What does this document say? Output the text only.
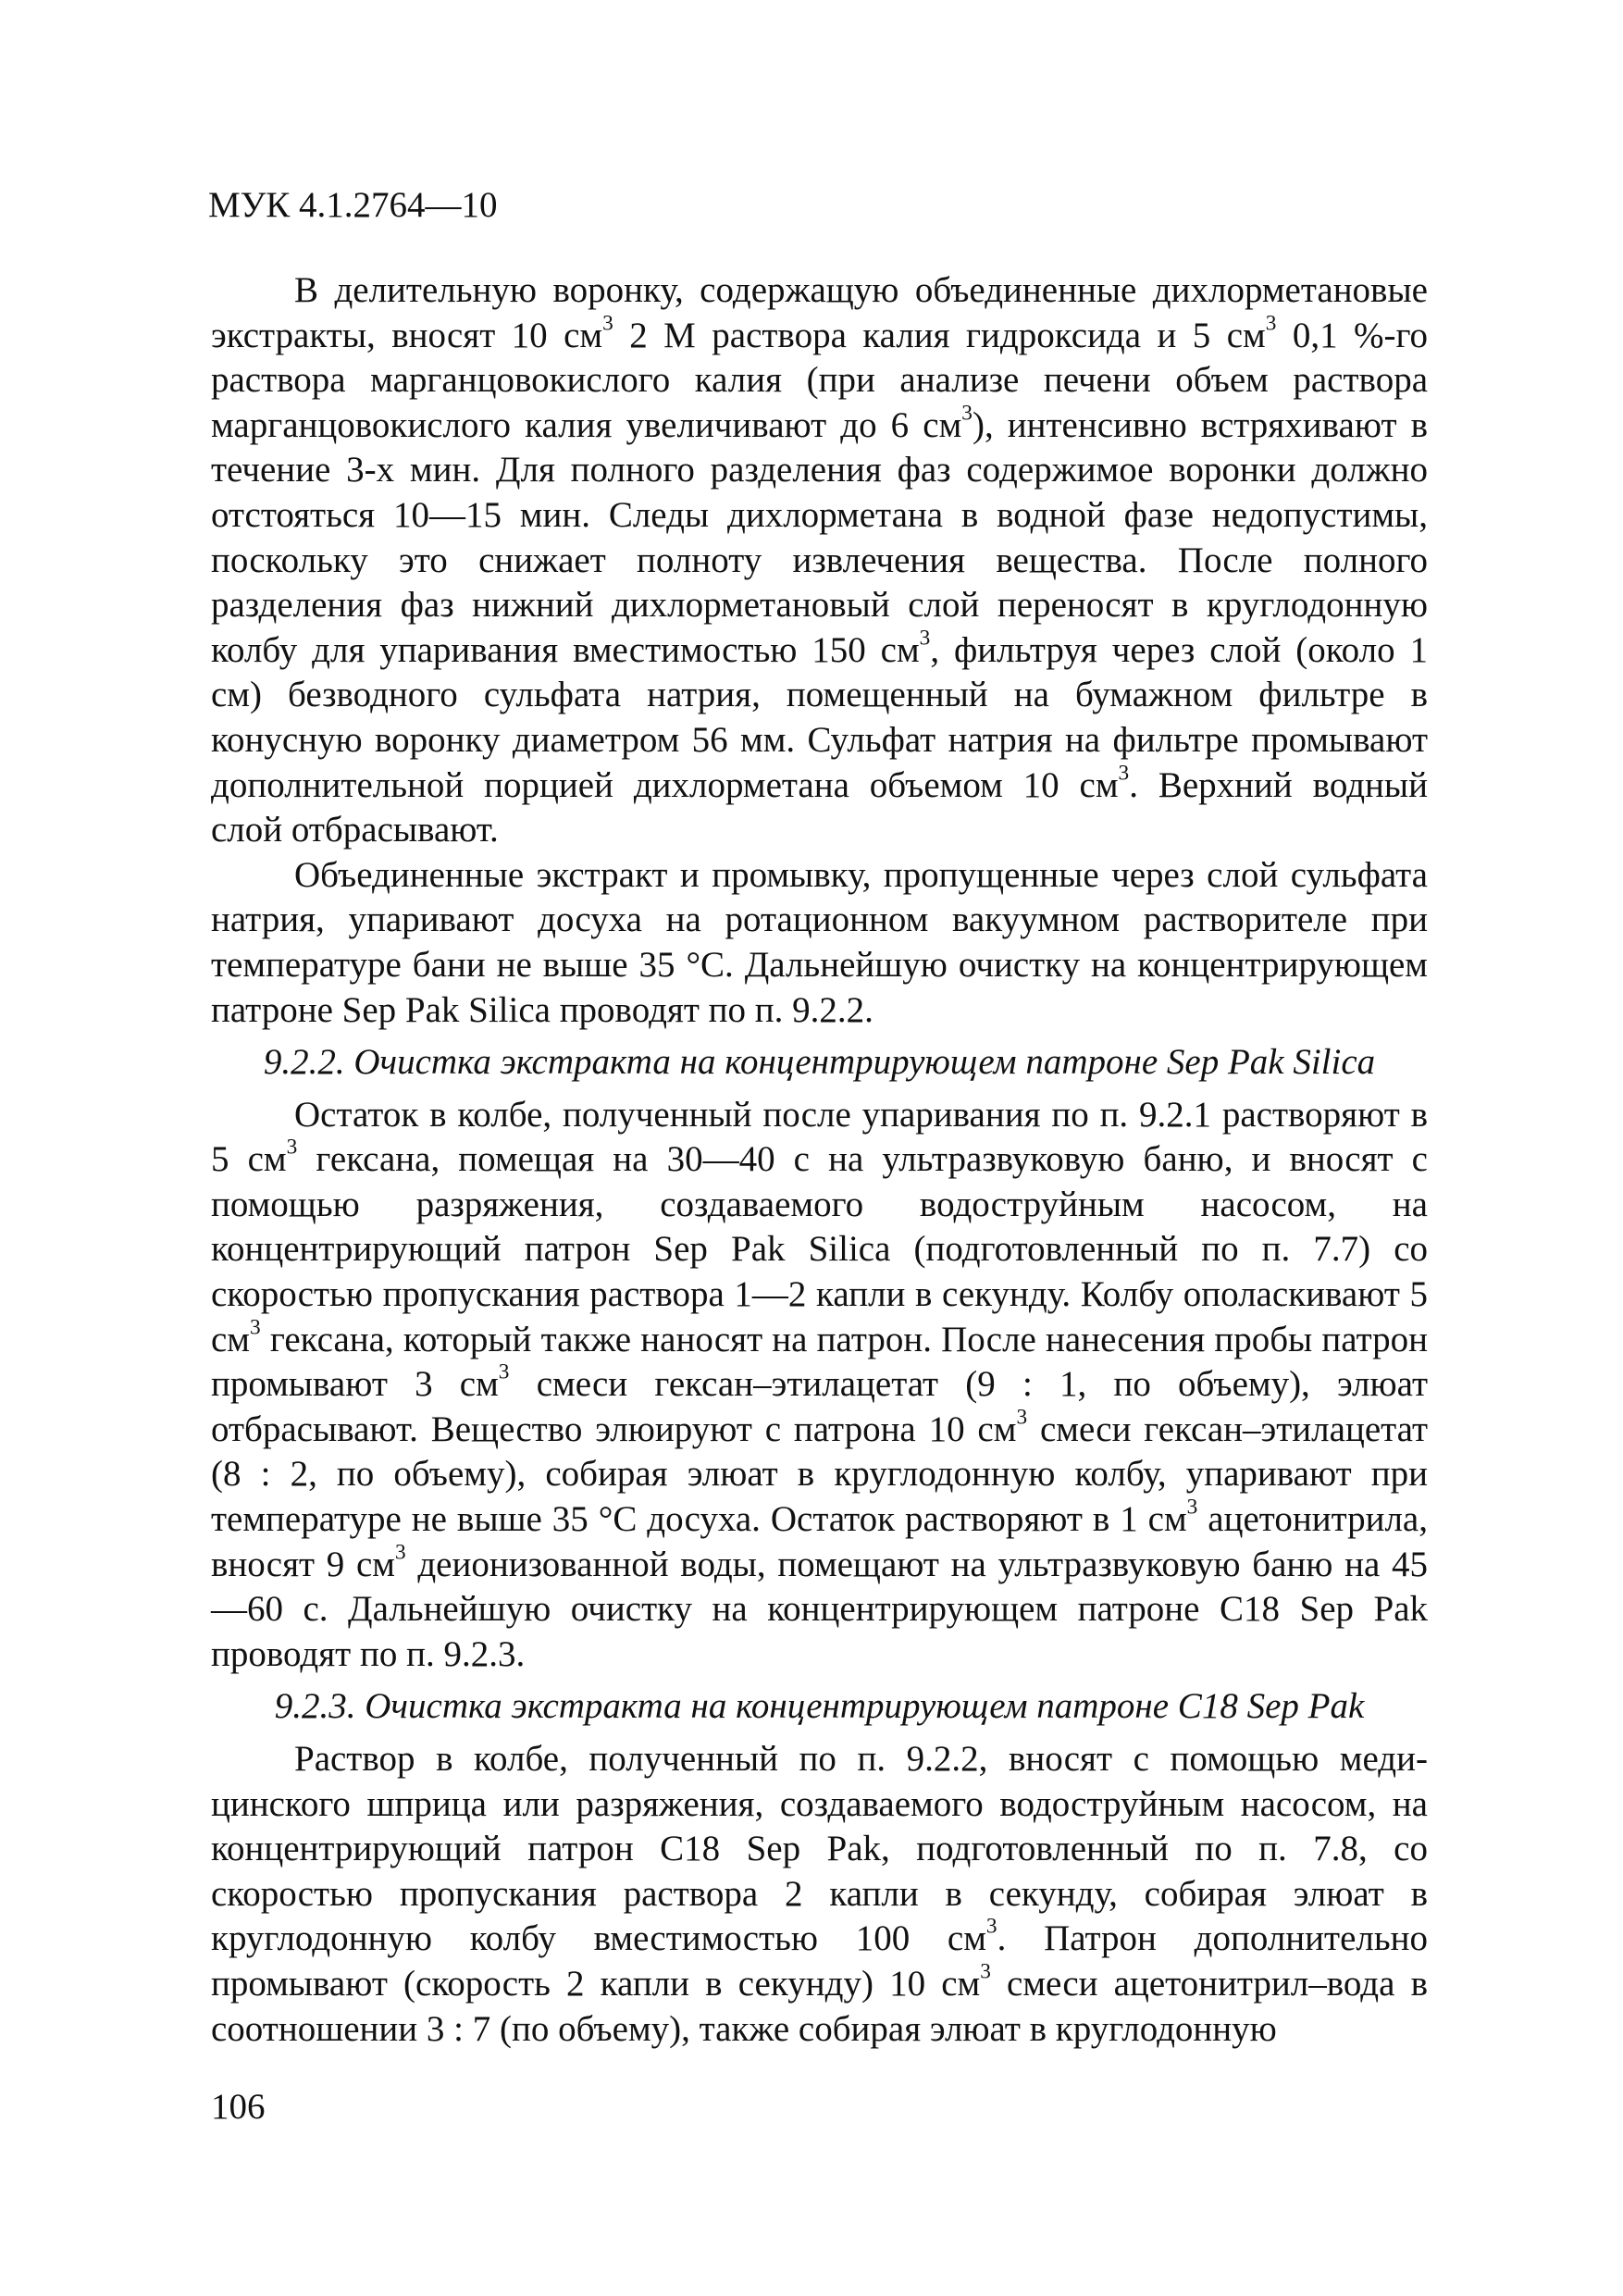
МУК 4.1.2764—10

В делительную воронку, содержащую объединенные дихлорметановые экстракты, вносят 10 $см^3$ 2 М раствора калия гидроксида и 5 $см^3$ 0,1 %-го раствора марганцовокислого калия (при анализе печени объем раствора марганцовокислого калия увеличивают до 6 $см^3$), интенсивно встряхивают в течение 3-х мин. Для полного разделения фаз содержимое воронки должно отстояться 10—15 мин. Следы дихлорметана в водной фазе недопустимы, поскольку это снижает полноту извлечения вещества. После полного разделения фаз нижний дихлорметановый слой переносят в круглодонную колбу для упаривания вместимостью 150 $см^3$, фильтруя через слой (около 1 см) безводного сульфата натрия, помещенный на бумажном фильтре в конусную воронку диаметром 56 мм. Сульфат натрия на фильтре промывают дополнительной порцией дихлорметана объемом 10 $см^3$. Верхний водный слой отбрасывают.

Объединенные экстракт и промывку, пропущенные через слой сульфата натрия, упаривают досуха на ротационном вакуумном растворителе при температуре бани не выше 35 °С. Дальнейшую очистку на концентрирующем патроне Sep Pak Silica проводят по п. 9.2.2.

9.2.2. Очистка экстракта на концентрирующем патроне Sep Pak Silica

Остаток в колбе, полученный после упаривания по п. 9.2.1 растворяют в 5 $см^3$ гексана, помещая на 30—40 с на ультразвуковую баню, и вносят с помощью разряжения, создаваемого водоструйным насосом, на концентрирующий патрон Sep Pak Silica (подготовленный по п. 7.7) со скоростью пропускания раствора 1—2 капли в секунду. Колбу ополаскивают 5 $см^3$ гексана, который также наносят на патрон. После нанесения пробы патрон промывают 3 $см^3$ смеси гексан–этилацетат (9 : 1, по объему), элюат отбрасывают. Вещество элюируют с патрона 10 $см^3$ смеси гексан–этилацетат (8 : 2, по объему), собирая элюат в круглодонную колбу, упаривают при температуре не выше 35 °С досуха. Остаток растворяют в 1 $см^3$ ацетонитрила, вносят 9 $см^3$ деионизованной воды, помещают на ультразвуковую баню на 45—60 с. Дальнейшую очистку на концентрирующем патроне С18 Sep Pak проводят по п. 9.2.3.

9.2.3. Очистка экстракта на концентрирующем патроне С18 Sep Pak

Раствор в колбе, полученный по п. 9.2.2, вносят с помощью медицинского шприца или разряжения, создаваемого водоструйным насосом, на концентрирующий патрон С18 Sep Pak, подготовленный по п. 7.8, со скоростью пропускания раствора 2 капли в секунду, собирая элюат в круглодонную колбу вместимостью 100 $см^3$. Патрон дополнительно промывают (скорость 2 капли в секунду) 10 $см^3$ смеси ацетонитрил–вода в соотношении 3 : 7 (по объему), также собирая элюат в круглодонную

106
